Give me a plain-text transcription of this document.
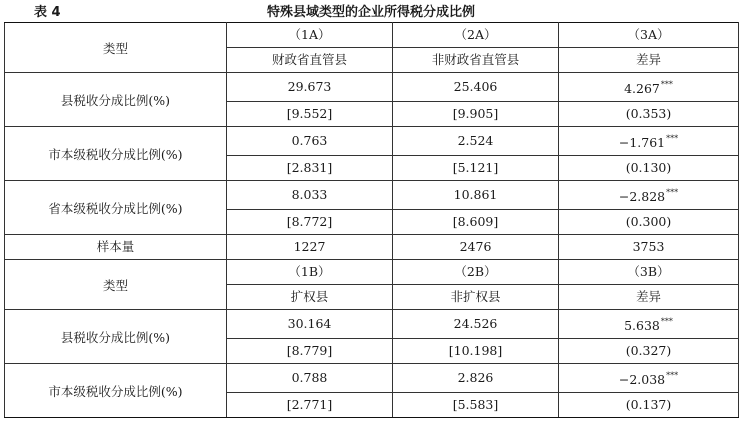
表 4	特殊县域类型的企业所得税分成比例
类型	（1A）	（2A）	（3A）
	财政省直管县	非财政省直管县	差异
县税收分成比例(%)	29.673	25.406	4.267***
	[9.552]	[9.905]	(0.353)
市本级税收分成比例(%)	0.763	2.524	−1.761***
	[2.831]	[5.121]	(0.130)
省本级税收分成比例(%)	8.033	10.861	−2.828***
	[8.772]	[8.609]	(0.300)
样本量	1227	2476	3753
类型	（1B）	（2B）	（3B）
	扩权县	非扩权县	差异
县税收分成比例(%)	30.164	24.526	5.638***
	[8.779]	[10.198]	(0.327)
市本级税收分成比例(%)	0.788	2.826	−2.038***
	[2.771]	[5.583]	(0.137)
